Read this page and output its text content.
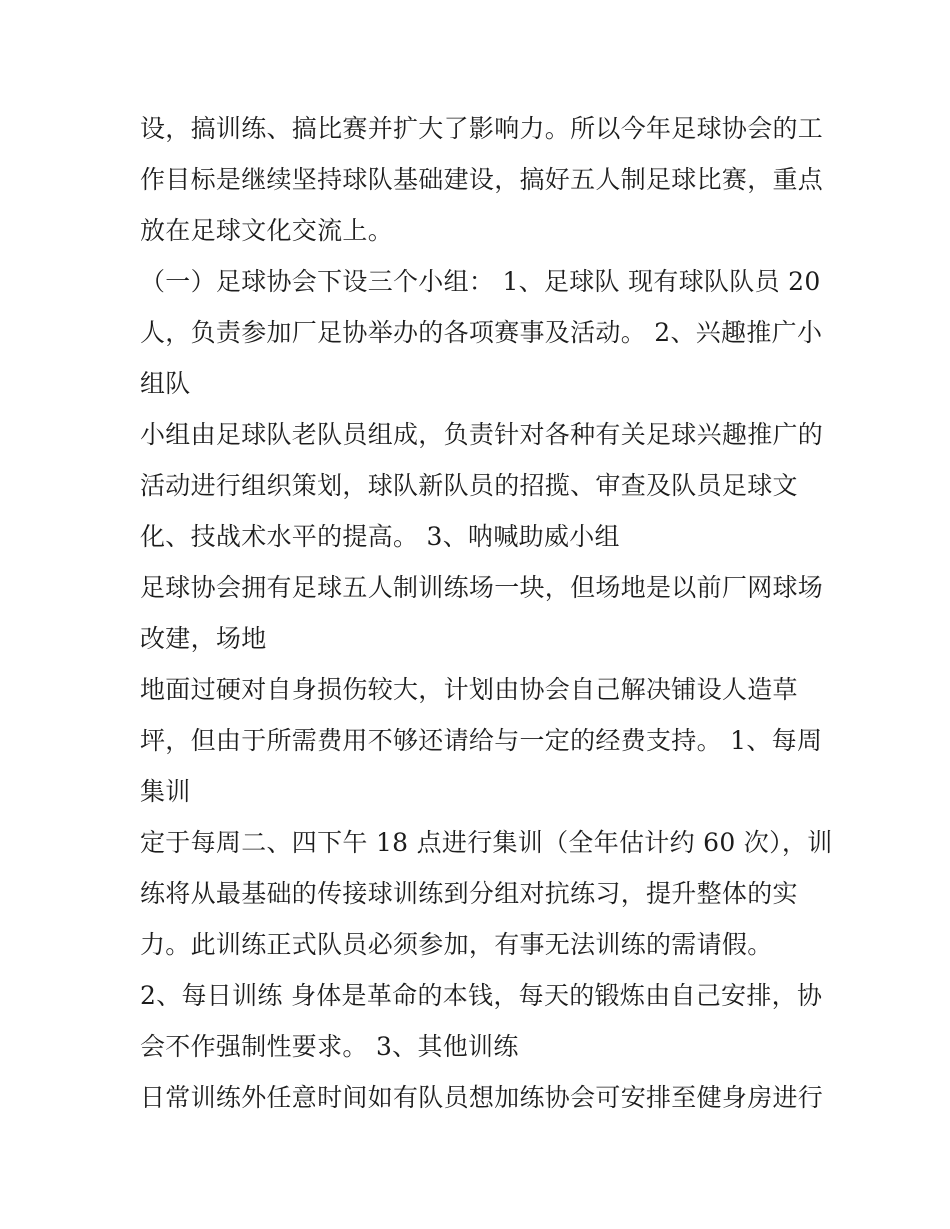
设，搞训练、搞比赛并扩大了影响力。所以今年足球协会的工
作目标是继续坚持球队基础建设，搞好五人制足球比赛，重点
放在足球文化交流上。
（一）足球协会下设三个小组： 1、足球队 现有球队队员 20
人，负责参加厂足协举办的各项赛事及活动。 2、兴趣推广小
组队
小组由足球队老队员组成，负责针对各种有关足球兴趣推广的
活动进行组织策划，球队新队员的招揽、审查及队员足球文
化、技战术水平的提高。 3、呐喊助威小组
足球协会拥有足球五人制训练场一块，但场地是以前厂网球场
改建，场地
地面过硬对自身损伤较大，计划由协会自己解决铺设人造草
坪，但由于所需费用不够还请给与一定的经费支持。 1、每周
集训
定于每周二、四下午 18 点进行集训（全年估计约 60 次），训
练将从最基础的传接球训练到分组对抗练习，提升整体的实
力。此训练正式队员必须参加，有事无法训练的需请假。
2、每日训练 身体是革命的本钱，每天的锻炼由自己安排，协
会不作强制性要求。 3、其他训练
日常训练外任意时间如有队员想加练协会可安排至健身房进行
